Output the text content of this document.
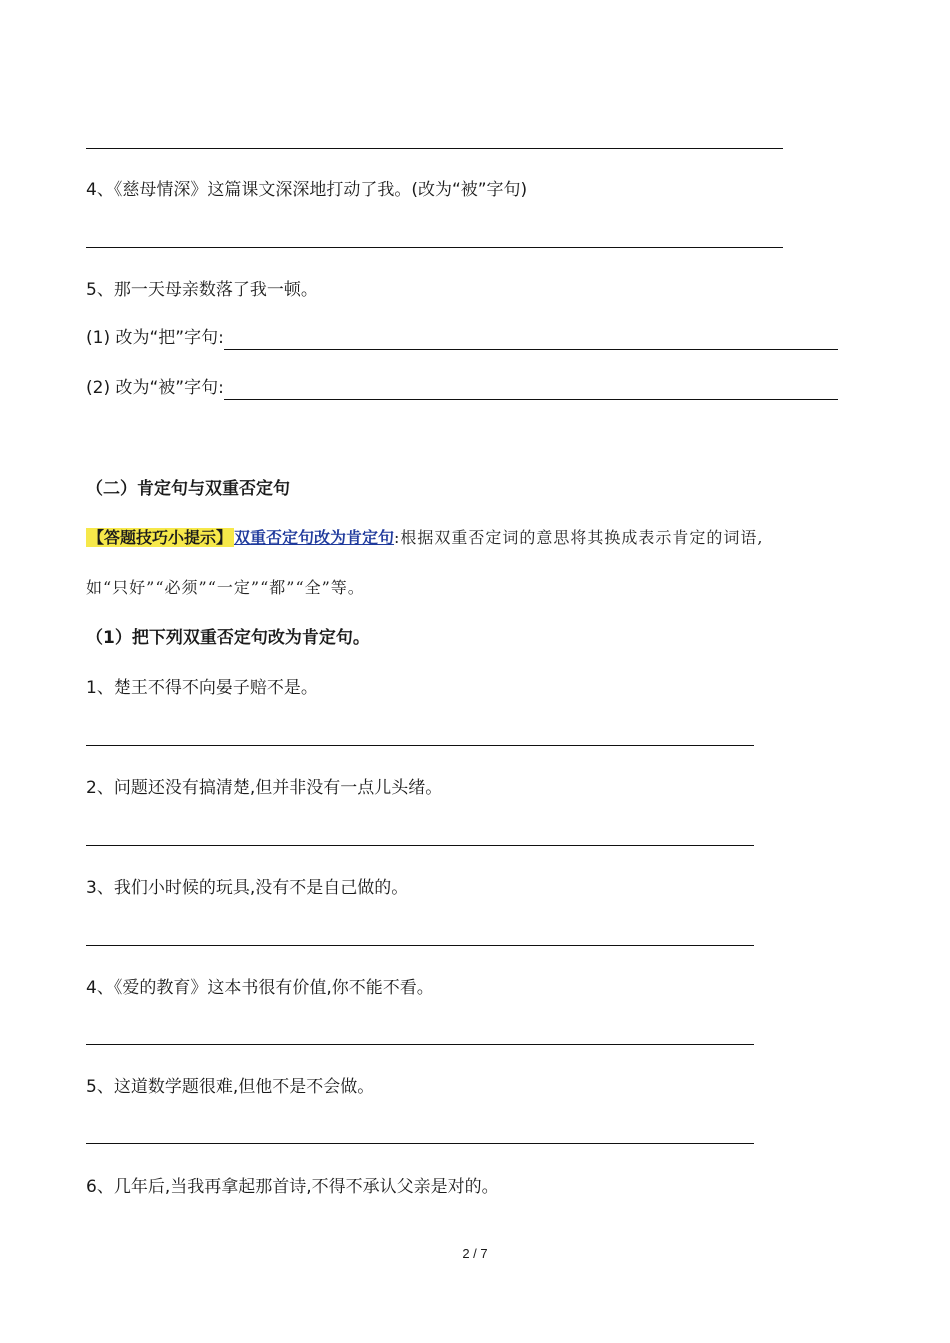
4、《慈母情深》这篇课文深深地打动了我。(改为“被”字句)
5、那一天母亲数落了我一顿。
(1) 改为“把”字句:
(2) 改为“被”字句:
（二）肯定句与双重否定句
【答题技巧小提示】 双重否定句改为肯定句:根据双重否定词的意思将其换成表示肯定的词语,
如“只好”“必须”“一定”“都”“全”等。
（1）把下列双重否定句改为肯定句。
1、楚王不得不向晏子赔不是。
2、问题还没有搞清楚,但并非没有一点儿头绪。
3、我们小时候的玩具,没有不是自己做的。
4、《爱的教育》这本书很有价值,你不能不看。
5、这道数学题很难,但他不是不会做。
6、几年后,当我再拿起那首诗,不得不承认父亲是对的。
2 / 7
